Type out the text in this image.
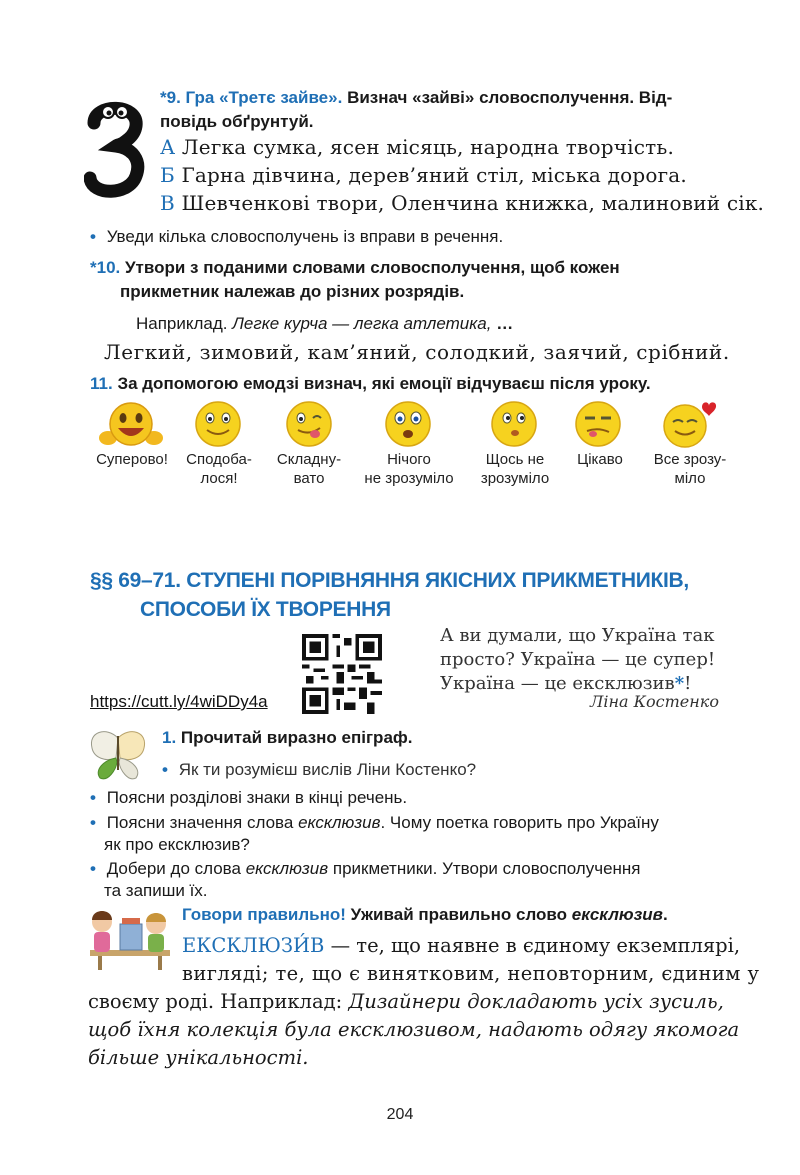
*9. Гра «Третє зайве». Визнач «зайві» словосполучення. Від-
повідь обґрунтуй.
А Легка сумка, ясен місяць, народна творчість.
Б Гарна дівчина, дерев’яний стіл, міська дорога.
В Шевченкові твори, Оленчина книжка, малиновий сік.
• Уведи кілька словосполучень із вправи в речення.
*10. Утвори з поданими словами словосполучення, щоб кожен
прикметник належав до різних розрядів.
Наприклад. Легке курча — легка атлетика, …
Легкий, зимовий, кам’яний, солодкий, заячий, срібний.
11. За допомогою емодзі визнач, які емоції відчуваєш після уроку.
Суперово!	Сподоба-
лося!
Складну-
вато
Нічого
не зрозуміло
Щось не
зрозуміло
Цікаво	Все зрозу-
міло
§§ 69–71. СТУПЕНІ ПОРІВНЯННЯ ЯКІСНИХ ПРИКМЕТНИКІВ,
СПОСОБИ ЇХ ТВОРЕННЯ
https://cutt.ly/4wiDDy4a
А ви думали, що Україна так
просто? Україна — це супер!
Україна — це ексклюзив*!
Ліна Костенко
1. Прочитай виразно епіграф.
• Як ти розумієш вислів Ліни Костенко?
• Поясни розділові знаки в кінці речень.
• Поясни значення слова ексклюзив. Чому поетка говорить про Україну
як про ексклюзив?
• Добери до слова ексклюзив прикметники. Утвори словосполучення
та запиши їх.
Говори правильно! Уживай правильно слово ексклюзив.
ЕКСКЛЮЗИ́В — те, що наявне в єдиному екземплярі,
вигляді; те, що є винятковим, неповторним, єдиним у
своєму роді. Наприклад: Дизайнери докладають усіх зусиль,
щоб їхня колекція була ексклюзивом, надають одягу якомога
більше унікальності.
204
